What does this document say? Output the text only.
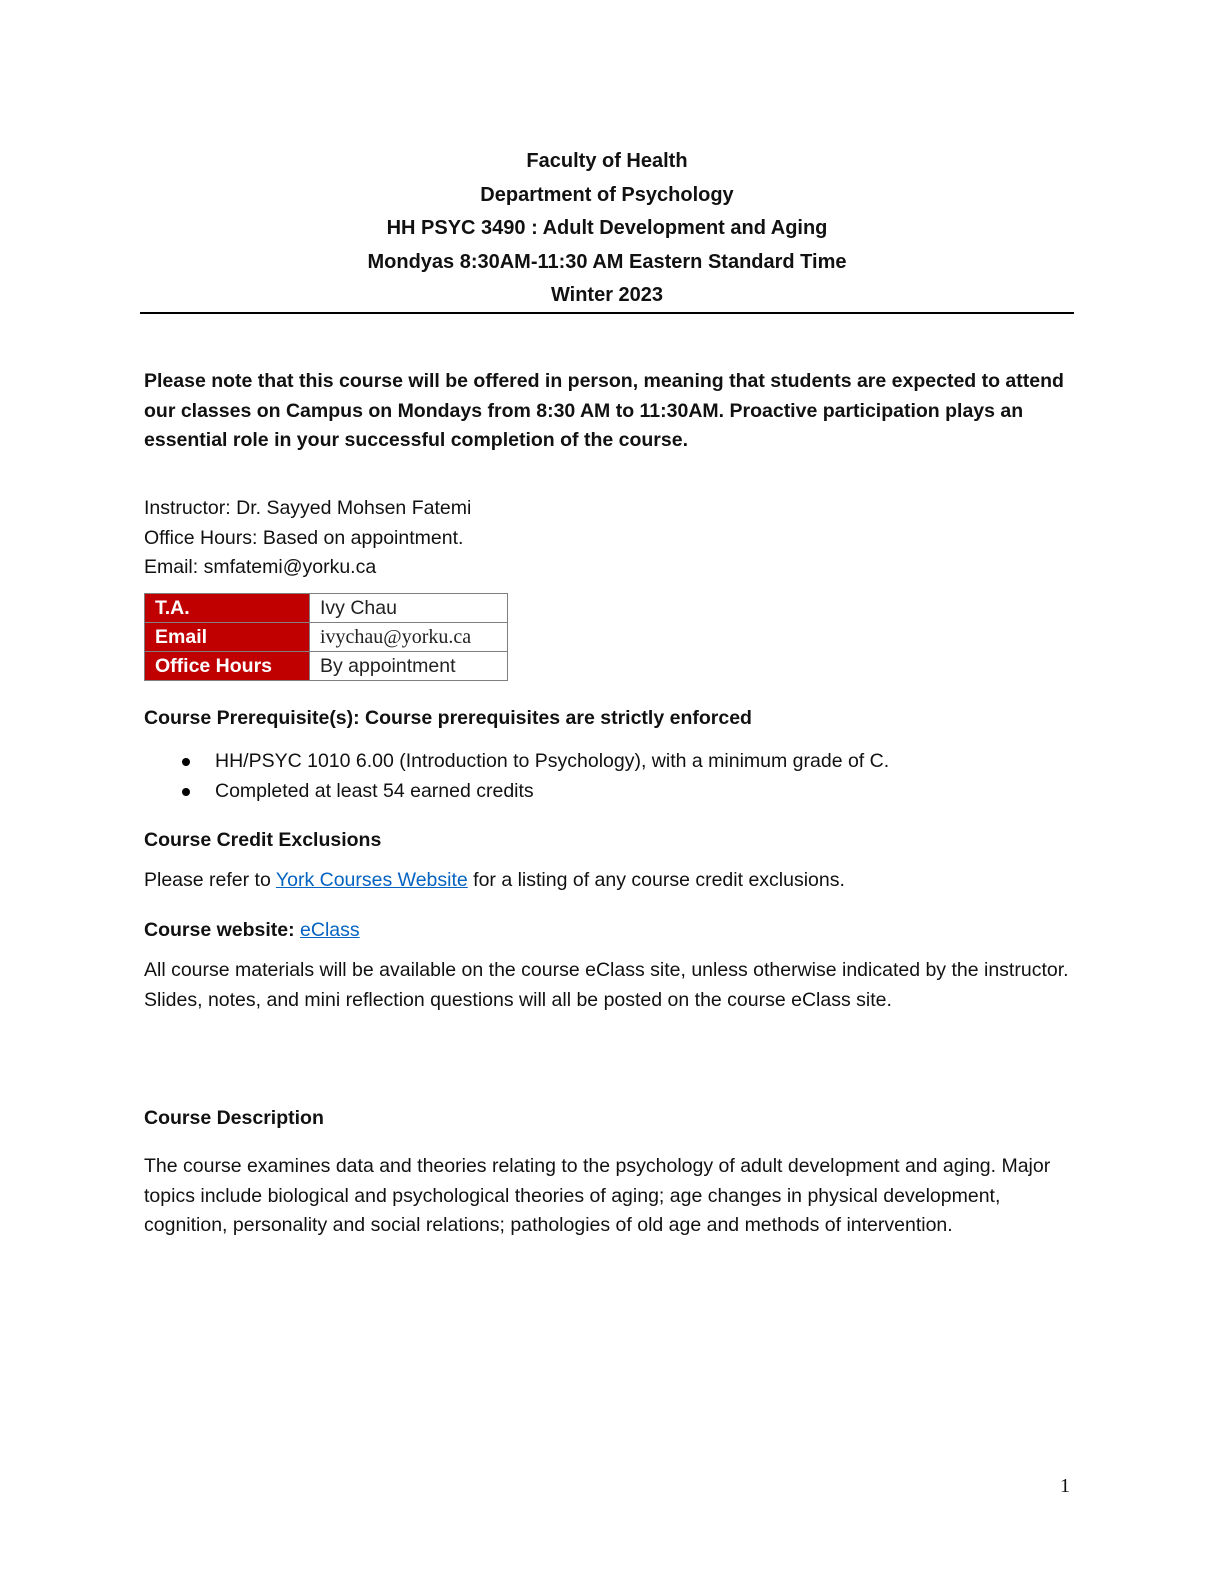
Faculty of Health
Department of Psychology
HH PSYC 3490 : Adult Development and Aging
Mondyas 8:30AM-11:30 AM Eastern Standard Time
Winter 2023
Please note that this course will be offered in person, meaning that students are expected to attend our classes on Campus on Mondays from 8:30 AM to 11:30AM. Proactive participation plays an essential role in your successful completion of the course.
Instructor: Dr. Sayyed Mohsen Fatemi
Office Hours: Based on appointment.
Email: smfatemi@yorku.ca
T.A.	Ivy Chau
Email	ivychau@yorku.ca
Office Hours	By appointment
Course Prerequisite(s): Course prerequisites are strictly enforced
HH/PSYC 1010 6.00 (Introduction to Psychology), with a minimum grade of C.
Completed at least 54 earned credits
Course Credit Exclusions
Please refer to York Courses Website for a listing of any course credit exclusions.
Course website: eClass
All course materials will be available on the course eClass site, unless otherwise indicated by the instructor. Slides, notes, and mini reflection questions will all be posted on the course eClass site.
Course Description
The course examines data and theories relating to the psychology of adult development and aging. Major topics include biological and psychological theories of aging; age changes in physical development, cognition, personality and social relations; pathologies of old age and methods of intervention.
1
